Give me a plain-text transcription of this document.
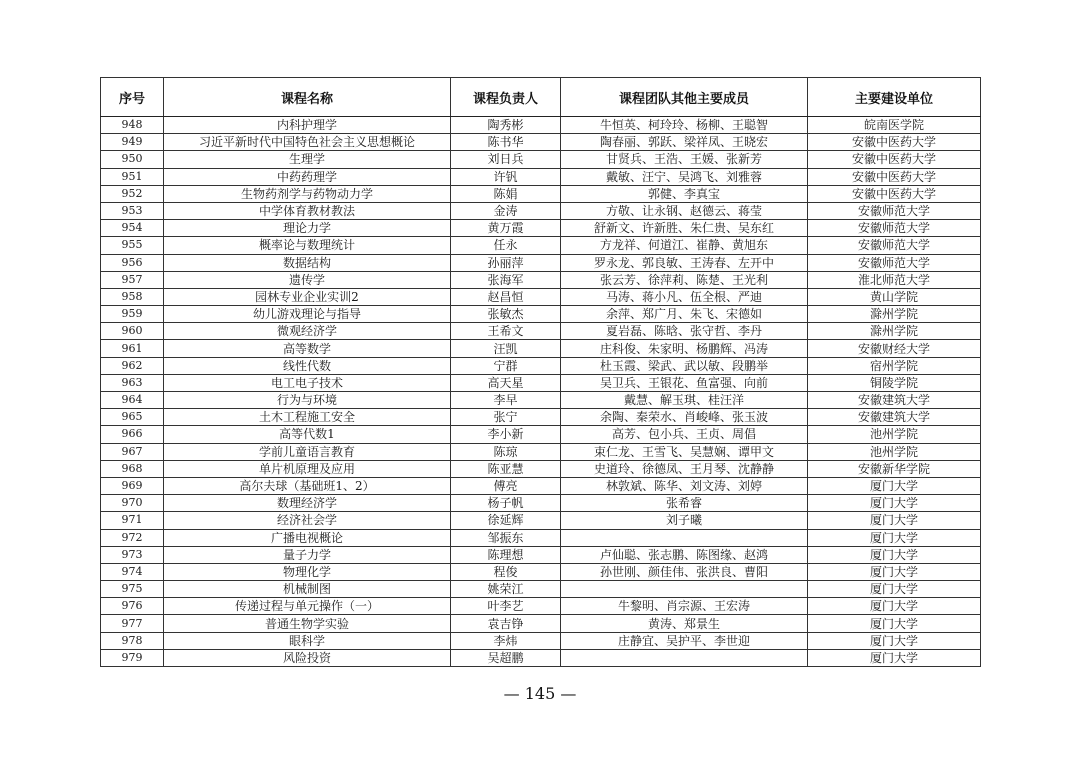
序号	课程名称	课程负责人	课程团队其他主要成员	主要建设单位
948	内科护理学	陶秀彬	牛恒英、柯玲玲、杨柳、王聪智	皖南医学院
949	习近平新时代中国特色社会主义思想概论	陈书华	陶春丽、郭跃、梁祥凤、王晓宏	安徽中医药大学
950	生理学	刘日兵	甘贤兵、王浩、王媛、张新芳	安徽中医药大学
951	中药药理学	许钒	戴敏、汪宁、吴鸿飞、刘雅蓉	安徽中医药大学
952	生物药剂学与药物动力学	陈娟	郭健、李真宝	安徽中医药大学
953	中学体育教材教法	金涛	方敬、让永钢、赵德云、蒋莹	安徽师范大学
954	理论力学	黄万霞	舒新文、许新胜、朱仁贵、吴东红	安徽师范大学
955	概率论与数理统计	任永	方龙祥、何道江、崔静、黄旭东	安徽师范大学
956	数据结构	孙丽萍	罗永龙、郭良敏、王涛春、左开中	安徽师范大学
957	遗传学	张海军	张云芳、徐萍莉、陈楚、王光利	淮北师范大学
958	园林专业企业实训2	赵昌恒	马涛、蒋小凡、伍全根、严迪	黄山学院
959	幼儿游戏理论与指导	张敏杰	余萍、郑广月、朱飞、宋德如	滁州学院
960	微观经济学	王希文	夏岩磊、陈晗、张守哲、李丹	滁州学院
961	高等数学	汪凯	庄科俊、朱家明、杨鹏辉、冯涛	安徽财经大学
962	线性代数	宁群	杜玉霞、梁武、武以敏、段鹏举	宿州学院
963	电工电子技术	高天星	吴卫兵、王银花、鱼富强、向前	铜陵学院
964	行为与环境	李早	戴慧、解玉琪、桂汪洋	安徽建筑大学
965	土木工程施工安全	张宁	余陶、秦荣水、肖峻峰、张玉波	安徽建筑大学
966	高等代数1	李小新	高芳、包小兵、王贞、周倡	池州学院
967	学前儿童语言教育	陈琼	束仁龙、王雪飞、吴慧娴、谭甲文	池州学院
968	单片机原理及应用	陈亚慧	史道玲、徐德凤、王月琴、沈静静	安徽新华学院
969	高尔夫球（基础班1、2）	傅亮	林敦斌、陈华、刘文涛、刘婷	厦门大学
970	数理经济学	杨子帆	张希睿	厦门大学
971	经济社会学	徐延辉	刘子曦	厦门大学
972	广播电视概论	邹振东		厦门大学
973	量子力学	陈理想	卢仙聪、张志鹏、陈图缘、赵鸿	厦门大学
974	物理化学	程俊	孙世刚、颜佳伟、张洪良、曹阳	厦门大学
975	机械制图	姚荣江		厦门大学
976	传递过程与单元操作（一）	叶李艺	牛黎明、肖宗源、王宏涛	厦门大学
977	普通生物学实验	袁吉铮	黄涛、郑景生	厦门大学
978	眼科学	李炜	庄静宜、吴护平、李世迎	厦门大学
979	风险投资	吴超鹏		厦门大学
— 145 —
